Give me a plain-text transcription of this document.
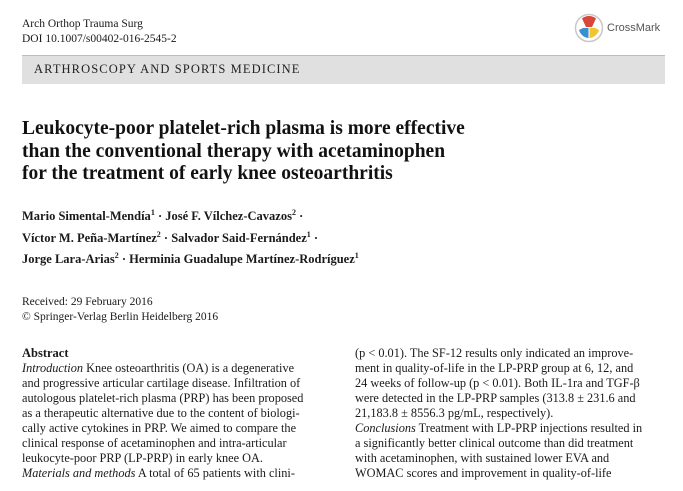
Arch Orthop Trauma Surg
DOI 10.1007/s00402-016-2545-2
CrossMark
ARTHROSCOPY AND SPORTS MEDICINE
Leukocyte-poor platelet-rich plasma is more effective
than the conventional therapy with acetaminophen
for the treatment of early knee osteoarthritis
Mario Simental-Mendía$^1$ · José F. Vílchez-Cavazos$^2$ ·
Víctor M. Peña-Martínez$^2$ · Salvador Said-Fernández$^1$ ·
Jorge Lara-Arias$^2$ · Herminia Guadalupe Martínez-Rodríguez$^1$
Received: 29 February 2016
© Springer-Verlag Berlin Heidelberg 2016
Abstract
Introduction Knee osteoarthritis (OA) is a degenerative
and progressive articular cartilage disease. Infiltration of
autologous platelet-rich plasma (PRP) has been proposed
as a therapeutic alternative due to the content of biologi-
cally active cytokines in PRP. We aimed to compare the
clinical response of acetaminophen and intra-articular
leukocyte-poor PRP (LP-PRP) in early knee OA.
Materials and methods A total of 65 patients with clini-
(p < 0.01). The SF-12 results only indicated an improve-
ment in quality-of-life in the LP-PRP group at 6, 12, and
24 weeks of follow-up (p < 0.01). Both IL-1ra and TGF-β
were detected in the LP-PRP samples (313.8 ± 231.6 and
21,183.8 ± 8556.3 pg/mL, respectively).
Conclusions Treatment with LP-PRP injections resulted in
a significantly better clinical outcome than did treatment
with acetaminophen, with sustained lower EVA and
WOMAC scores and improvement in quality-of-life
